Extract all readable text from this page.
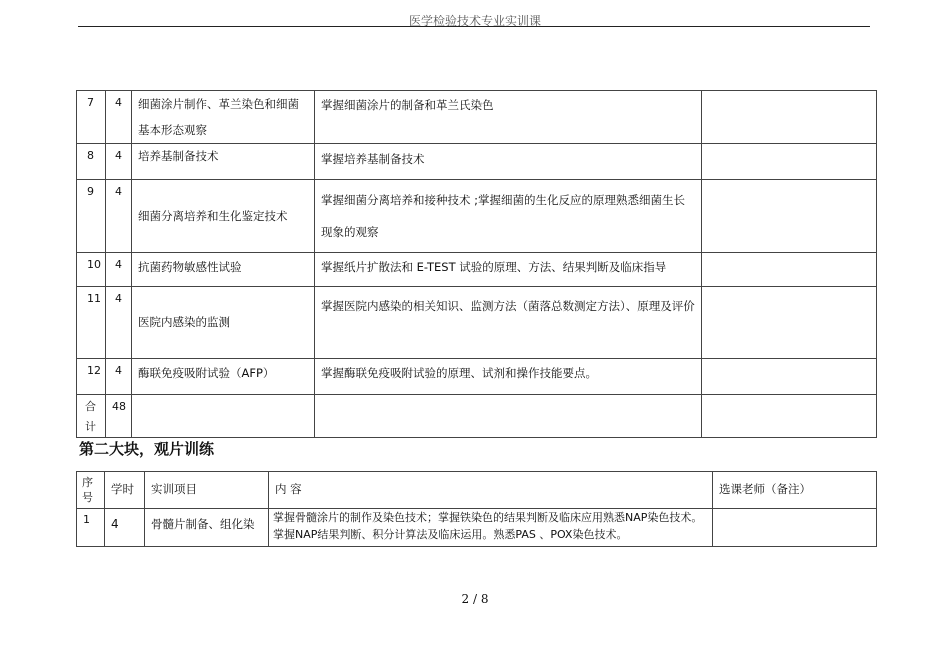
医学检验技术专业实训课
7	4	细菌涂片制作、革兰染色和细菌基本形态观察	掌握细菌涂片的制备和革兰氏染色	
8	4	培养基制备技术	掌握培养基制备技术	
9	4	细菌分离培养和生化鉴定技术	掌握细菌分离培养和接种技术 ;掌握细菌的生化反应的原理熟悉细菌生长现象的观察	
10	4	抗菌药物敏感性试验	掌握纸片扩散法和 E-TEST 试验的原理、方法、结果判断及临床指导	
11	4	医院内感染的监测	掌握医院内感染的相关知识、监测方法（菌落总数测定方法）、原理及评价	
12	4	酶联免疫吸附试验（AFP）	掌握酶联免疫吸附试验的原理、试剂和操作技能要点。	
合计	48			
第二大块，观片训练
序号	学时	实训项目	内 容	选课老师（备注）
1	4	骨髓片制备、组化染	掌握骨髓涂片的制作及染色技术；掌握铁染色的结果判断及临床应用熟悉NAP染色技术。掌握NAP结果判断、积分计算法及临床运用。熟悉PAS 、POX染色技术。	
2 / 8
